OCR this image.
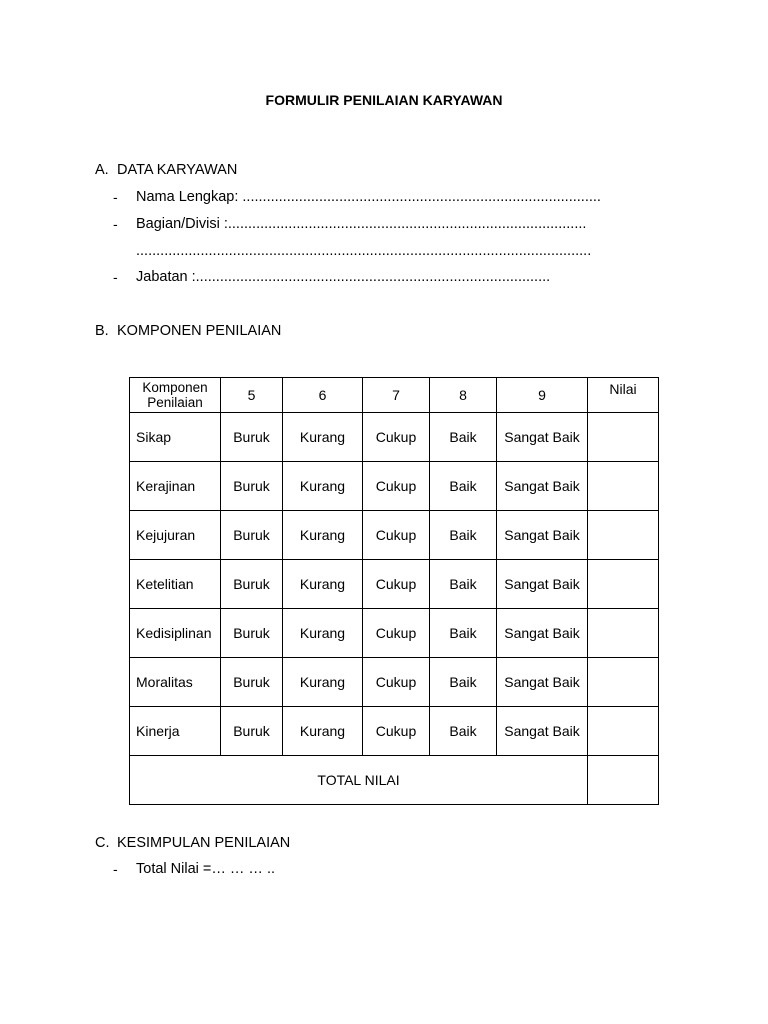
FORMULIR PENILAIAN KARYAWAN
A. DATA KARYAWAN
- Nama Lengkap: .........................................................................................
- Bagian/Divisi :.........................................................................................
.................................................................................................................
- Jabatan :........................................................................................
B. KOMPONEN PENILAIAN
Komponen
Penilaian	5	6	7	8	9	Nilai
Sikap	Buruk	Kurang	Cukup	Baik	Sangat Baik	
Kerajinan	Buruk	Kurang	Cukup	Baik	Sangat Baik	
Kejujuran	Buruk	Kurang	Cukup	Baik	Sangat Baik	
Ketelitian	Buruk	Kurang	Cukup	Baik	Sangat Baik	
Kedisiplinan	Buruk	Kurang	Cukup	Baik	Sangat Baik	
Moralitas	Buruk	Kurang	Cukup	Baik	Sangat Baik	
Kinerja	Buruk	Kurang	Cukup	Baik	Sangat Baik	
TOTAL NILAI						
C. KESIMPULAN PENILAIAN
- Total Nilai =… … … ..
